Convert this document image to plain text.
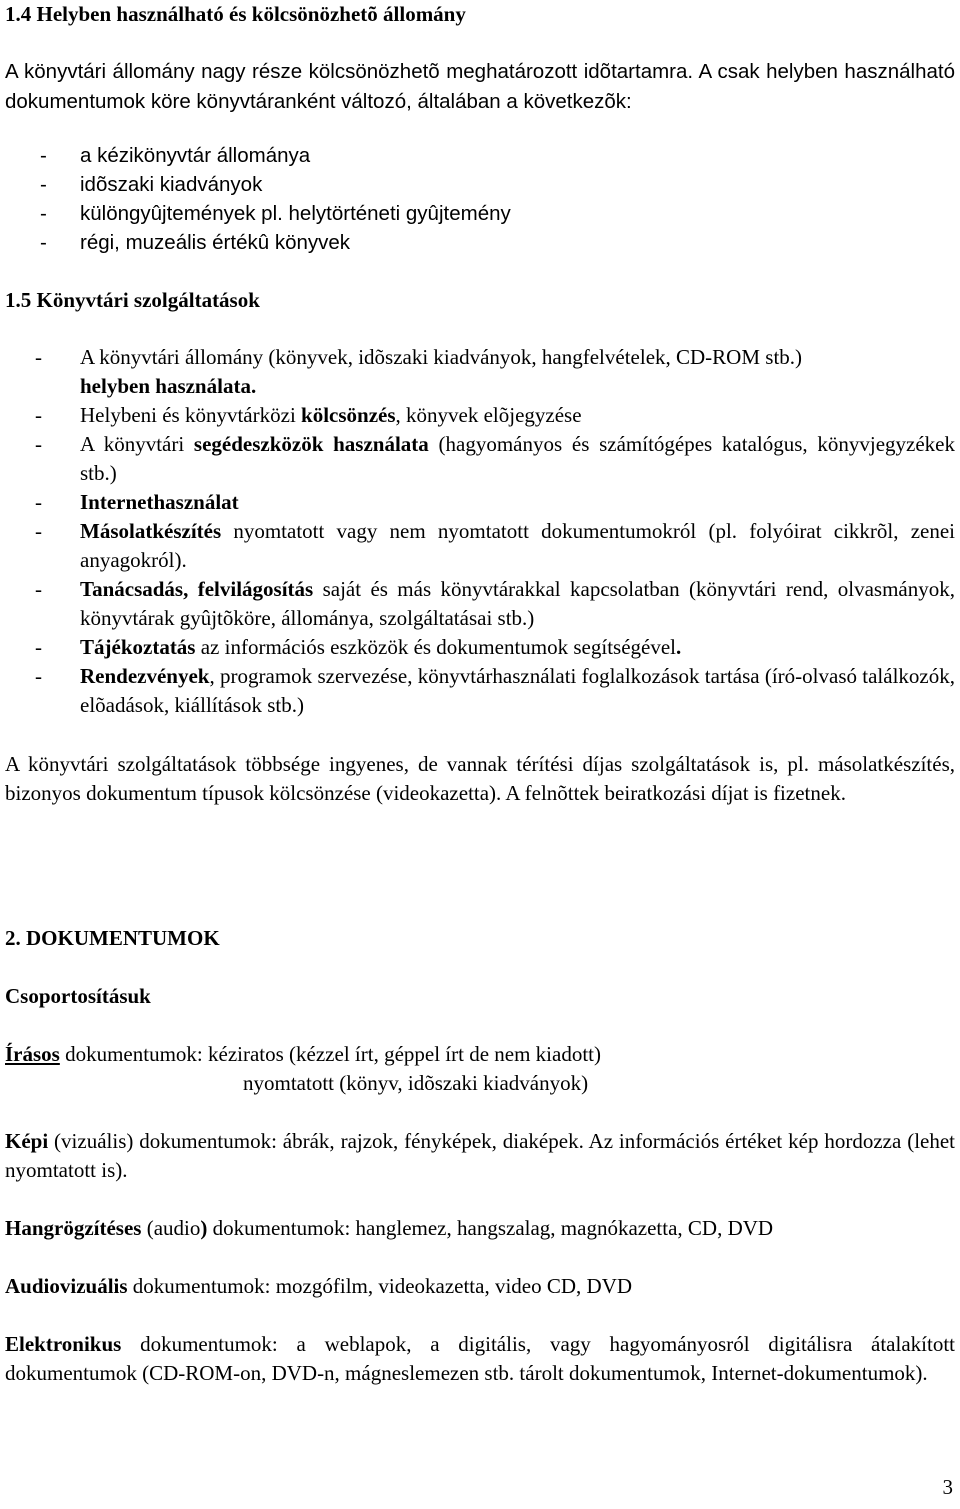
1.4 Helyben használható és kölcsönözhetõ állomány
A könyvtári állomány nagy része kölcsönözhetõ meghatározott idõtartamra. A csak helyben használható dokumentumok köre könyvtáranként változó, általában a következõk:
- a kézikönyvtár állománya
- idõszaki kiadványok
- különgyûjtemények pl. helytörténeti gyûjtemény
- régi, muzeális értékû könyvek
1.5 Könyvtári szolgáltatások
- A könyvtári állomány (könyvek, idõszaki kiadványok, hangfelvételek, CD-ROM stb.)
helyben használata.
- Helybeni és könyvtárközi kölcsönzés, könyvek elõjegyzése
- A könyvtári segédeszközök használata (hagyományos és számítógépes katalógus, könyvjegyzékek stb.)
- Internethasználat
- Másolatkészítés nyomtatott vagy nem nyomtatott dokumentumokról (pl. folyóirat cikkrõl, zenei anyagokról).
- Tanácsadás, felvilágosítás saját és más könyvtárakkal kapcsolatban (könyvtári rend, olvasmányok, könyvtárak gyûjtõköre, állománya, szolgáltatásai stb.)
- Tájékoztatás az információs eszközök és dokumentumok segítségével.
- Rendezvények, programok szervezése, könyvtárhasználati foglalkozások tartása (író-olvasó találkozók, elõadások, kiállítások stb.)
A könyvtári szolgáltatások többsége ingyenes, de vannak térítési díjas szolgáltatások is, pl. másolatkészítés, bizonyos dokumentum típusok kölcsönzése (videokazetta). A felnõttek beiratkozási díjat is fizetnek.
2. DOKUMENTUMOK
Csoportosításuk
Írásos dokumentumok: kéziratos (kézzel írt, géppel írt de nem kiadott)
nyomtatott (könyv, idõszaki kiadványok)
Képi (vizuális) dokumentumok: ábrák, rajzok, fényképek, diaképek. Az információs értéket kép hordozza (lehet nyomtatott is).
Hangrögzítéses (audio) dokumentumok: hanglemez, hangszalag, magnókazetta, CD, DVD
Audiovizuális dokumentumok: mozgófilm, videokazetta, video CD, DVD
Elektronikus dokumentumok: a weblapok, a digitális, vagy hagyományosról digitálisra átalakított dokumentumok (CD-ROM-on, DVD-n, mágneslemezen stb. tárolt dokumentumok, Internet-dokumentumok).
3
